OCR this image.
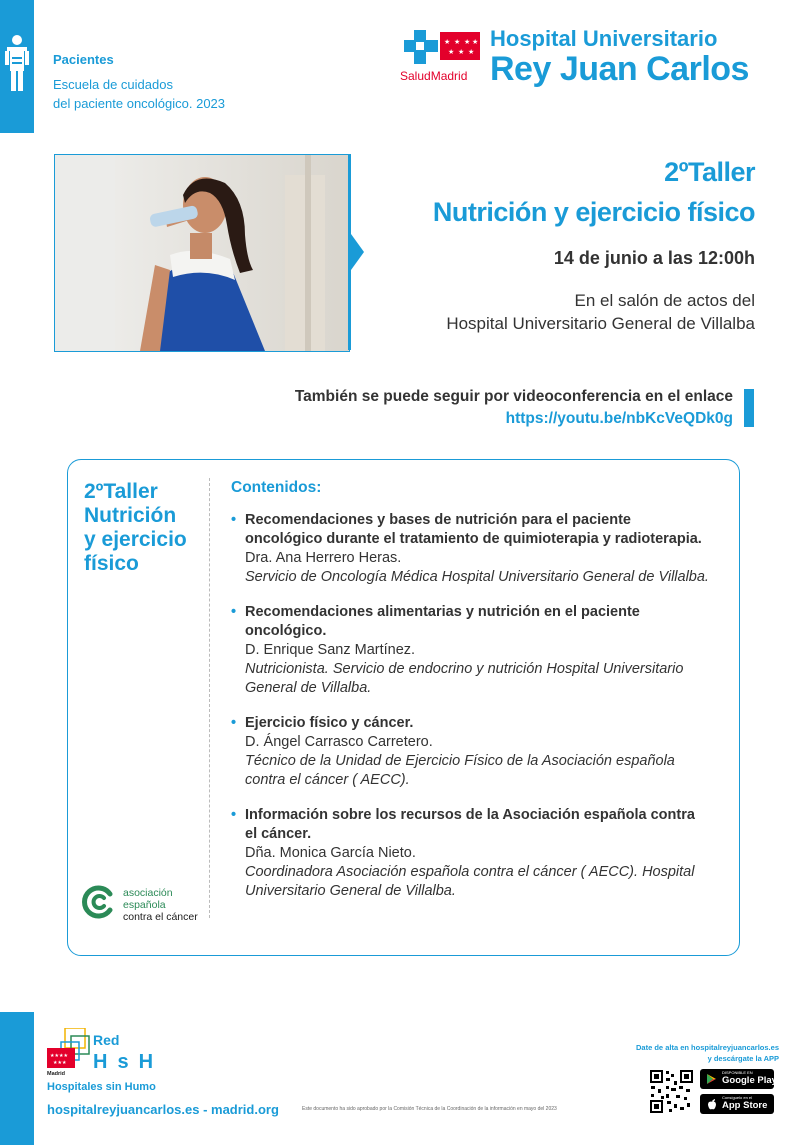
Pacientes
Escuela de cuidados
del paciente oncológico. 2023
★ ★ ★ ★
★ ★ ★
SaludMadrid
Hospital Universitario
Rey Juan Carlos
2ºTaller
Nutrición y ejercicio físico
14 de junio a las 12:00h
En el salón de actos del
Hospital Universitario General de Villalba
También se puede seguir por videoconferencia en el enlace
https://youtu.be/nbKcVeQDk0g
2ºTaller
Nutrición
y ejercicio
físico
asociación
española
contra el cáncer
Contenidos:
• Recomendaciones y bases de nutrición para el paciente oncológico durante el tratamiento de quimioterapia y radioterapia.
Dra. Ana Herrero Heras.
Servicio de Oncología Médica Hospital Universitario General de Villalba.
• Recomendaciones alimentarias y nutrición en el paciente oncológico.
D. Enrique Sanz Martínez.
Nutricionista. Servicio de endocrino y nutrición Hospital Universitario General de Villalba.
• Ejercicio físico y cáncer.
D. Ángel Carrasco Carretero.
Técnico de la Unidad de Ejercicio Físico de la Asociación española contra el cáncer ( AECC).
• Información sobre los recursos de la Asociación española contra el cáncer.
Dña. Monica García Nieto.
Coordinadora Asociación española contra el cáncer ( AECC). Hospital Universitario General de Villalba.
★★★★
★★★
Madrid
Red
HsH
Hospitales sin Humo
hospitalreyjuancarlos.es - madrid.org	Este documento ha sido aprobado por la Comisión Técnica de la Coordinación de la información en mayo del 2023
Date de alta en hospitalreyjuancarlos.es
y descárgate la APP
DISPONIBLE EN
Google Play
Consíguelo en el
App Store
